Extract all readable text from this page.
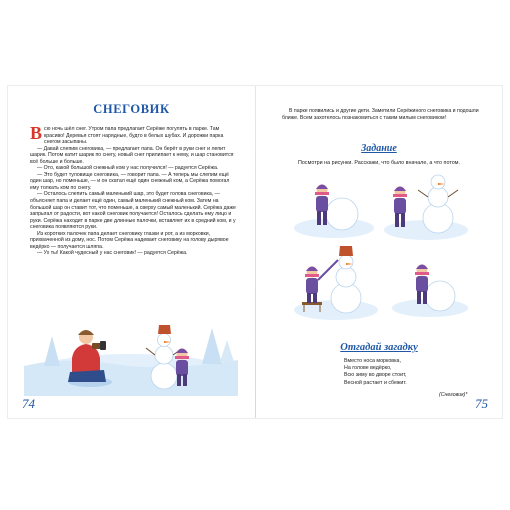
СНЕГОВИК

Всю ночь шёл снег. Утром папа предлагает Серёже погулять в парке. Там красиво! Деревья стоят нарядные, будто в белых шубах. И дорожки парка снегом засыпаны.

— Давай слепим снеговика, — предлагает папа. Он берёт в руки снег и лепит шарик. Потом катит шарик по снегу, новый снег прилипает к нему, и шар становится всё больше и больше.

— Ото, какой большой снежный ком у нас получился! — радуется Серёжа.

— Это будет туловище снеговика, — говорит папа. — А теперь мы слепим ещё один шар, но поменьше, — и он скатал ещё один снежный ком, а Серёжа помогал ему толкать ком по снегу.

— Осталось слепить самый маленький шар, это будет голова снеговика, — объясняет папа и делает ещё один, самый маленький снежный ком. Затем на большой шар он ставит тот, что поменьше, а сверху самый маленький. Серёжа даже запрыгал от радости, вот какой снеговик получается! Осталось сделать ему лицо и руки. Серёжа находит в парке две длинные палочки, вставляет их в средний ком, и у снеговика появляются руки.

Из коротких палочек папа делает снеговику глазки и рот, а из морковки, прихваченной из дому, нос. Потом Серёжа надевает снеговику на голову дырявое ведёрко — получается шляпа.

— Ух ты! Какой чудесный у нас снеговик! — радуется Серёжа.

74

В парке появились и другие дети. Заметили Серёжиного снеговика и подошли ближе. Всем захотелось познакомиться с таким милым снеговиком!

Задание
Посмотри на рисунки. Расскажи, что было вначале, а что потом.
Отгадай загадку
Вместо носа морковка,
На голове ведёрко,
Всю зиму во дворе стоит,
Весной растает и сбежит.
(Снеговик)*
75
